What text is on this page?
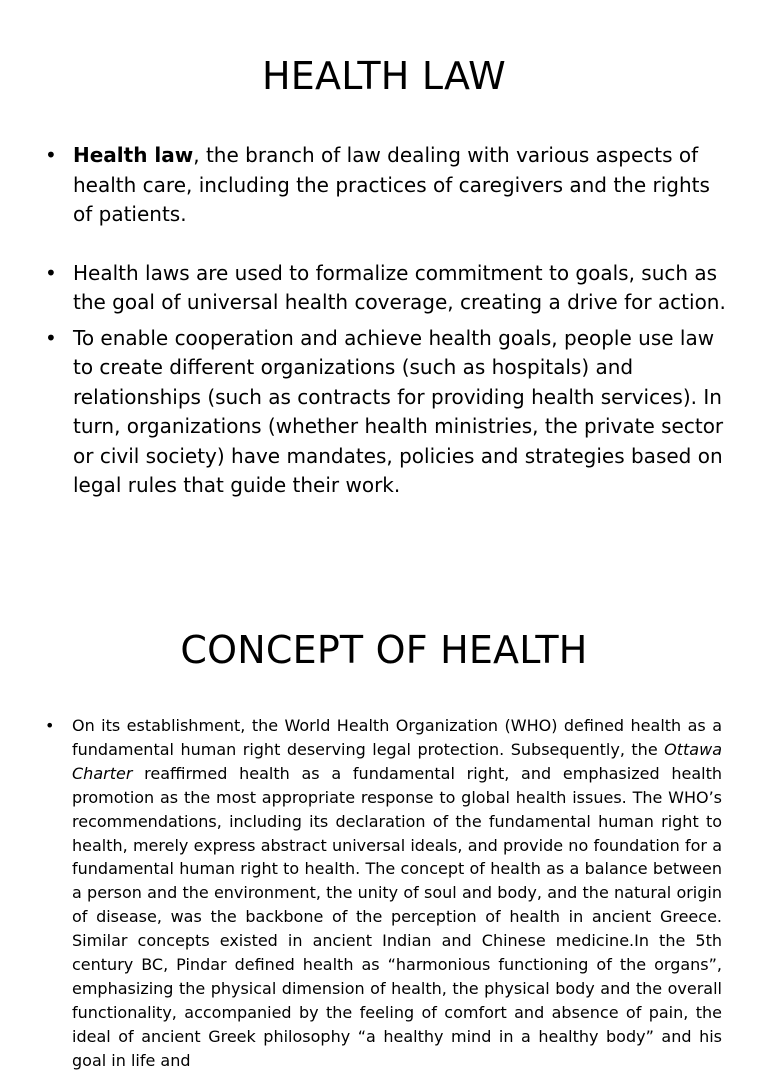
HEALTH LAW
• Health law, the branch of law dealing with various aspects of health care, including the practices of caregivers and the rights of patients.
• Health laws are used to formalize commitment to goals, such as the goal of universal health coverage, creating a drive for action.
• To enable cooperation and achieve health goals, people use law to create different organizations (such as hospitals) and relationships (such as contracts for providing health services). In turn, organizations (whether health ministries, the private sector or civil society) have mandates, policies and strategies based on legal rules that guide their work.
CONCEPT OF HEALTH
• On its establishment, the World Health Organization (WHO) defined health as a fundamental human right deserving legal protection. Subsequently, the Ottawa Charter reaffirmed health as a fundamental right, and emphasized health promotion as the most appropriate response to global health issues. The WHO’s recommendations, including its declaration of the fundamental human right to health, merely express abstract universal ideals, and provide no foundation for a fundamental human right to health. The concept of health as a balance between a person and the environment, the unity of soul and body, and the natural origin of disease, was the backbone of the perception of health in ancient Greece. Similar concepts existed in ancient Indian and Chinese medicine.In the 5th century BC, Pindar defined health as “harmonious functioning of the organs”, emphasizing the physical dimension of health, the physical body and the overall functionality, accompanied by the feeling of comfort and absence of pain, the ideal of ancient Greek philosophy “a healthy mind in a healthy body” and his goal in life and
